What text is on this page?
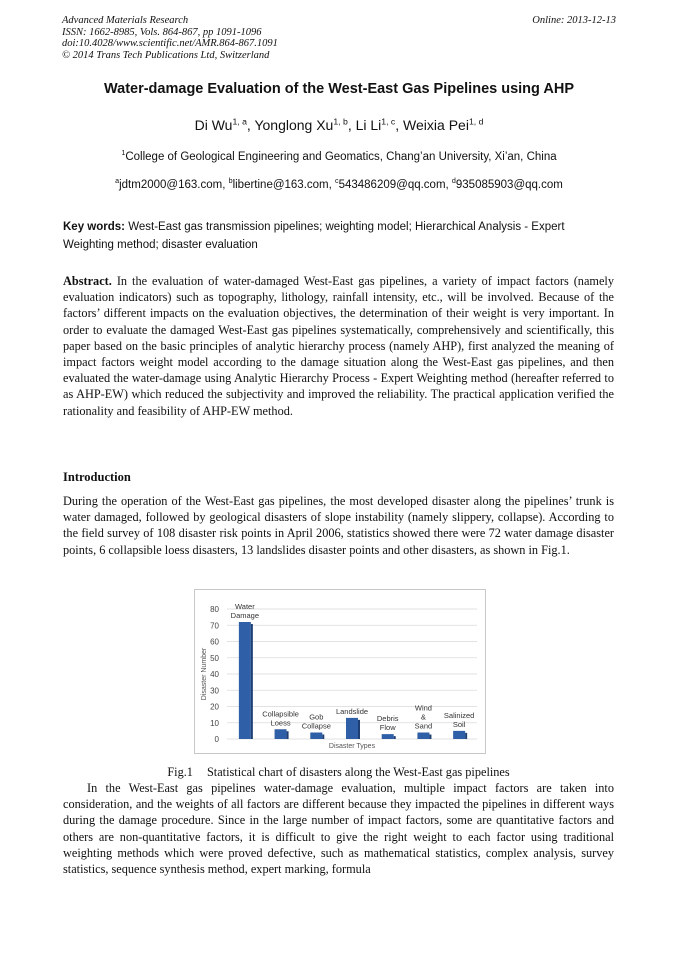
Advanced Materials Research
ISSN: 1662-8985, Vols. 864-867, pp 1091-1096
doi:10.4028/www.scientific.net/AMR.864-867.1091
© 2014 Trans Tech Publications Ltd, Switzerland
Online: 2013-12-13
Water-damage Evaluation of the West-East Gas Pipelines using AHP
Di Wu$^{1, a}$, Yonglong Xu$^{1, b}$, Li Li$^{1, c}$, Weixia Pei$^{1, d}$
$^1$College of Geological Engineering and Geomatics, Chang’an University, Xi’an, China
$^a$jdtm2000@163.com, $^b$libertine@163.com, $^c$543486209@qq.com, $^d$935085903@qq.com
Key words: West-East gas transmission pipelines; weighting model; Hierarchical Analysis - Expert Weighting method; disaster evaluation
Abstract. In the evaluation of water-damaged West-East gas pipelines, a variety of impact factors (namely evaluation indicators) such as topography, lithology, rainfall intensity, etc., will be involved. Because of the factors’ different impacts on the evaluation objectives, the determination of their weight is very important. In order to evaluate the damaged West-East gas pipelines systematically, comprehensively and scientifically, this paper based on the basic principles of analytic hierarchy process (namely AHP), first analyzed the meaning of impact factors weight model according to the damage situation along the West-East gas pipelines, and then evaluated the water-damage using Analytic Hierarchy Process - Expert Weighting method (hereafter referred to as AHP-EW) which reduced the subjectivity and improved the reliability. The practical application verified the rationality and feasibility of AHP-EW method.
Introduction
During the operation of the West-East gas pipelines, the most developed disaster along the pipelines’ trunk is water damaged, followed by geological disasters of slope instability (namely slippery, collapse). According to the field survey of 108 disaster risk points in April 2006, statistics showed there were 72 water damage disaster points, 6 collapsible loess disasters, 13 landslides disaster points and other disasters, as shown in Fig.1.
0
10
20
30
40
50
60
70
80
Disaster Number
Disaster Types
Water
Damage
Collapsible
Loess
Gob
Collapse
Landslide
Debris
Flow
Wind
&
Sand
Salinized
Soil
Fig.1 Statistical chart of disasters along the West-East gas pipelines
In the West-East gas pipelines water-damage evaluation, multiple impact factors are taken into consideration, and the weights of all factors are different because they impacted the pipelines in different ways during the damage procedure. Since in the large number of impact factors, some are quantitative factors and others are non-quantitative factors, it is difficult to give the right weight to each factor using traditional weighting methods which were proved defective, such as mathematical statistics, complex analysis, survey statistics, sequence synthesis method, expert marking, formula
